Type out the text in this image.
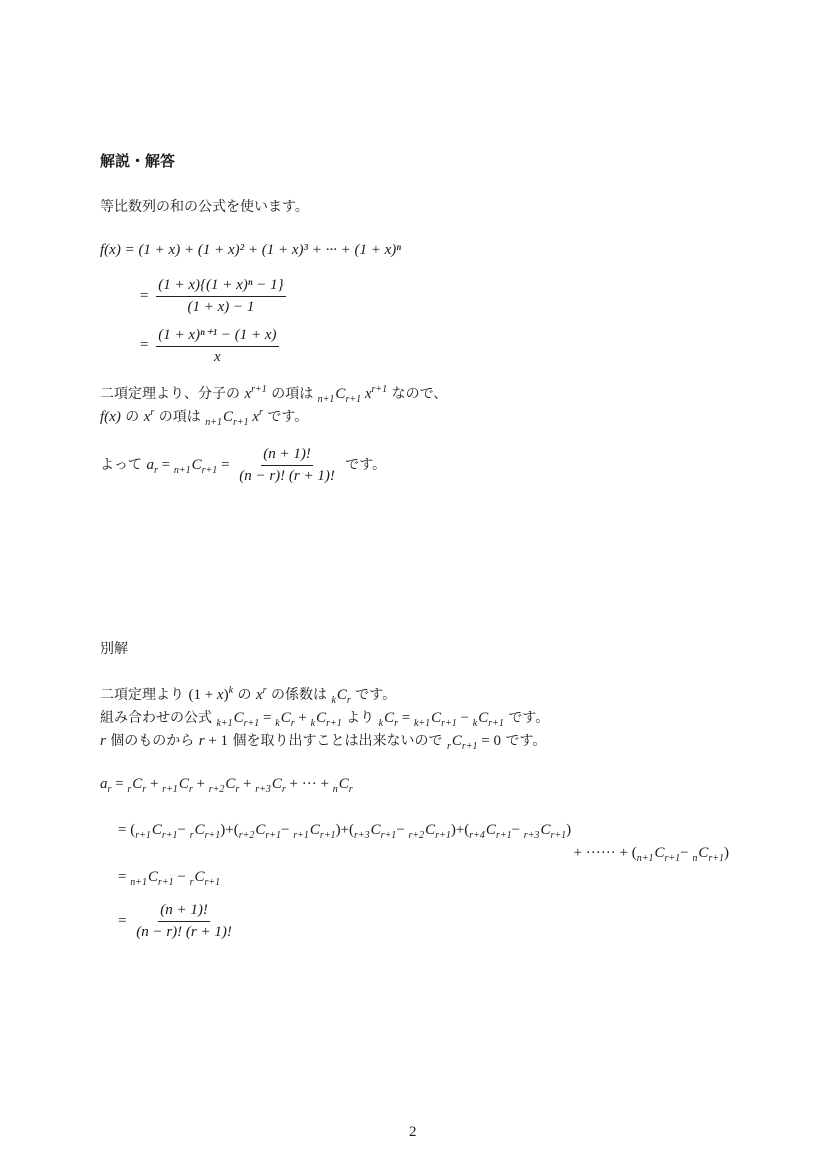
解説・解答
等比数列の和の公式を使います。
f(x) = (1 + x) + (1 + x)² + (1 + x)³ + ··· + (1 + x)ⁿ
= $\frac{\text{(1 + x)\{(1 + x)ⁿ − 1\}}}{(1 + x) - 1}$
= $\frac{\text{(1 + x)ⁿ⁺¹ − (1 + x)}}{x}$
二項定理より、分子の $x^{r+1}$ の項は $_{n+1}C_{r+1}$ $x^{r+1}$ なので、
f(x) の $x^r$ の項は $_{n+1}C_{r+1}$ $x^r$ です。
よって $a_r = _{n+1}C_{r+1} = \frac{(n + 1)!}{(n - r)! (r + 1)!}$ です。
別解
二項定理より $(1 + x)^k$ の $x^r$ の係数は $_kC_r$ です。
組み合わせの公式 $_{k+1}C_{r+1} = _kC_r + _kC_{r+1}$ より $_kC_r = _{k+1}C_{r+1} - _kC_{r+1}$ です。
r 個のものから r + 1 個を取り出すことは出来ないので $_rC_{r+1} = 0$ です。
$a_r = _rC_r + _{r+1}C_r + _{r+2}C_r + _{r+3}C_r$ + ··· + $_nC_r$
= $(_{r+1}C_{r+1}- _rC_{r+1})+(_{r+2}C_{r+1}- _{r+1}C_{r+1})+(_{r+3}C_{r+1}- _{r+2}C_{r+1})+(_{r+4}C_{r+1}- _{r+3}C_{r+1})$
+ ······ + $(_{n+1}C_{r+1}- _nC_{r+1})$
= $_{n+1}C_{r+1} - _rC_{r+1}$
= $\frac{(n + 1)!}{(n - r)! (r + 1)!}$
2
